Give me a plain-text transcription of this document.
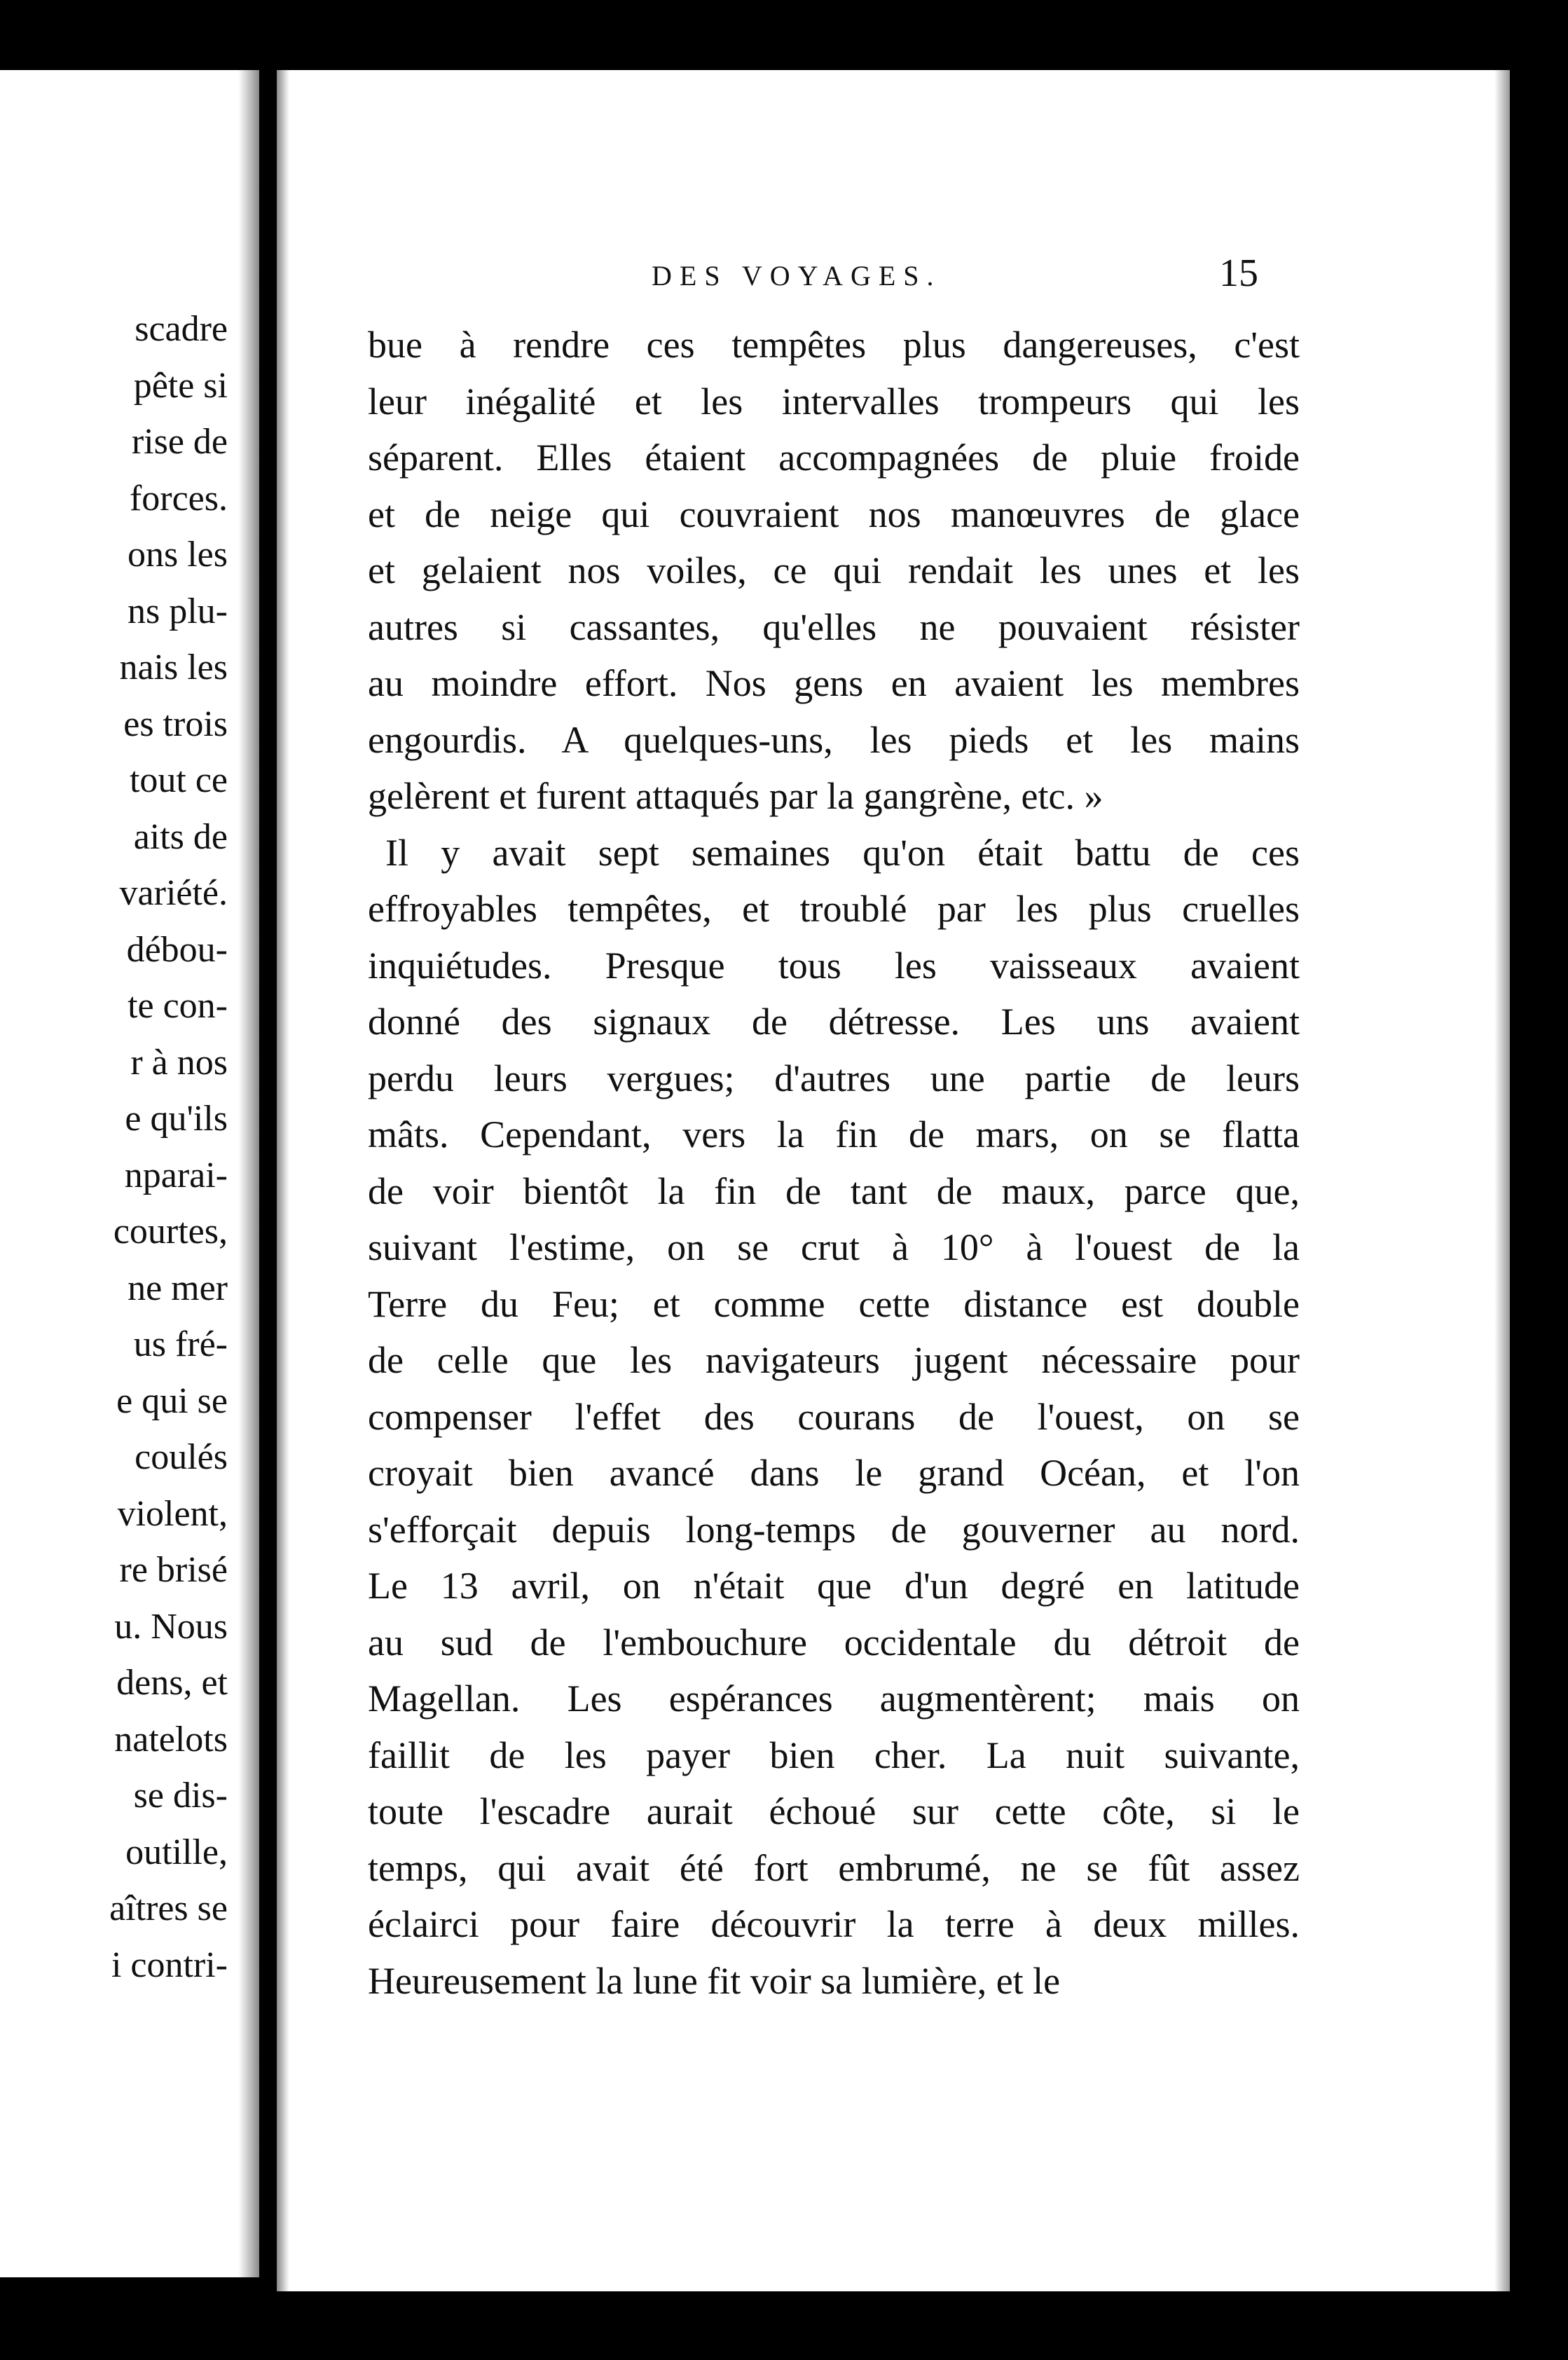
scadre
pête si
rise de
forces.
ons les
ns plu-
nais les
es trois
tout ce
aits de
variété.
débou-
te con-
r à nos
e qu'ils
nparai-
courtes,
ne mer
us fré-
e qui se
coulés
violent,
re brisé
u. Nous
dens, et
natelots
se dis-
outille,
aîtres se
i contri-
DES VOYAGES.	15
bue à rendre ces tempêtes plus dangereuses, c'est
leur inégalité et les intervalles trompeurs qui les
séparent. Elles étaient accompagnées de pluie froide
et de neige qui couvraient nos manœuvres de glace
et gelaient nos voiles, ce qui rendait les unes et les
autres si cassantes, qu'elles ne pouvaient résister
au moindre effort. Nos gens en avaient les membres
engourdis. A quelques-uns, les pieds et les mains
gelèrent et furent attaqués par la gangrène, etc. »
Il y avait sept semaines qu'on était battu de ces
effroyables tempêtes, et troublé par les plus cruelles
inquiétudes. Presque tous les vaisseaux avaient
donné des signaux de détresse. Les uns avaient
perdu leurs vergues; d'autres une partie de leurs
mâts. Cependant, vers la fin de mars, on se flatta
de voir bientôt la fin de tant de maux, parce que,
suivant l'estime, on se crut à 10° à l'ouest de la
Terre du Feu; et comme cette distance est double
de celle que les navigateurs jugent nécessaire pour
compenser l'effet des courans de l'ouest, on se
croyait bien avancé dans le grand Océan, et l'on
s'efforçait depuis long-temps de gouverner au nord.
Le 13 avril, on n'était que d'un degré en latitude
au sud de l'embouchure occidentale du détroit de
Magellan. Les espérances augmentèrent; mais on
faillit de les payer bien cher. La nuit suivante,
toute l'escadre aurait échoué sur cette côte, si le
temps, qui avait été fort embrumé, ne se fût assez
éclairci pour faire découvrir la terre à deux milles.
Heureusement la lune fit voir sa lumière, et le
